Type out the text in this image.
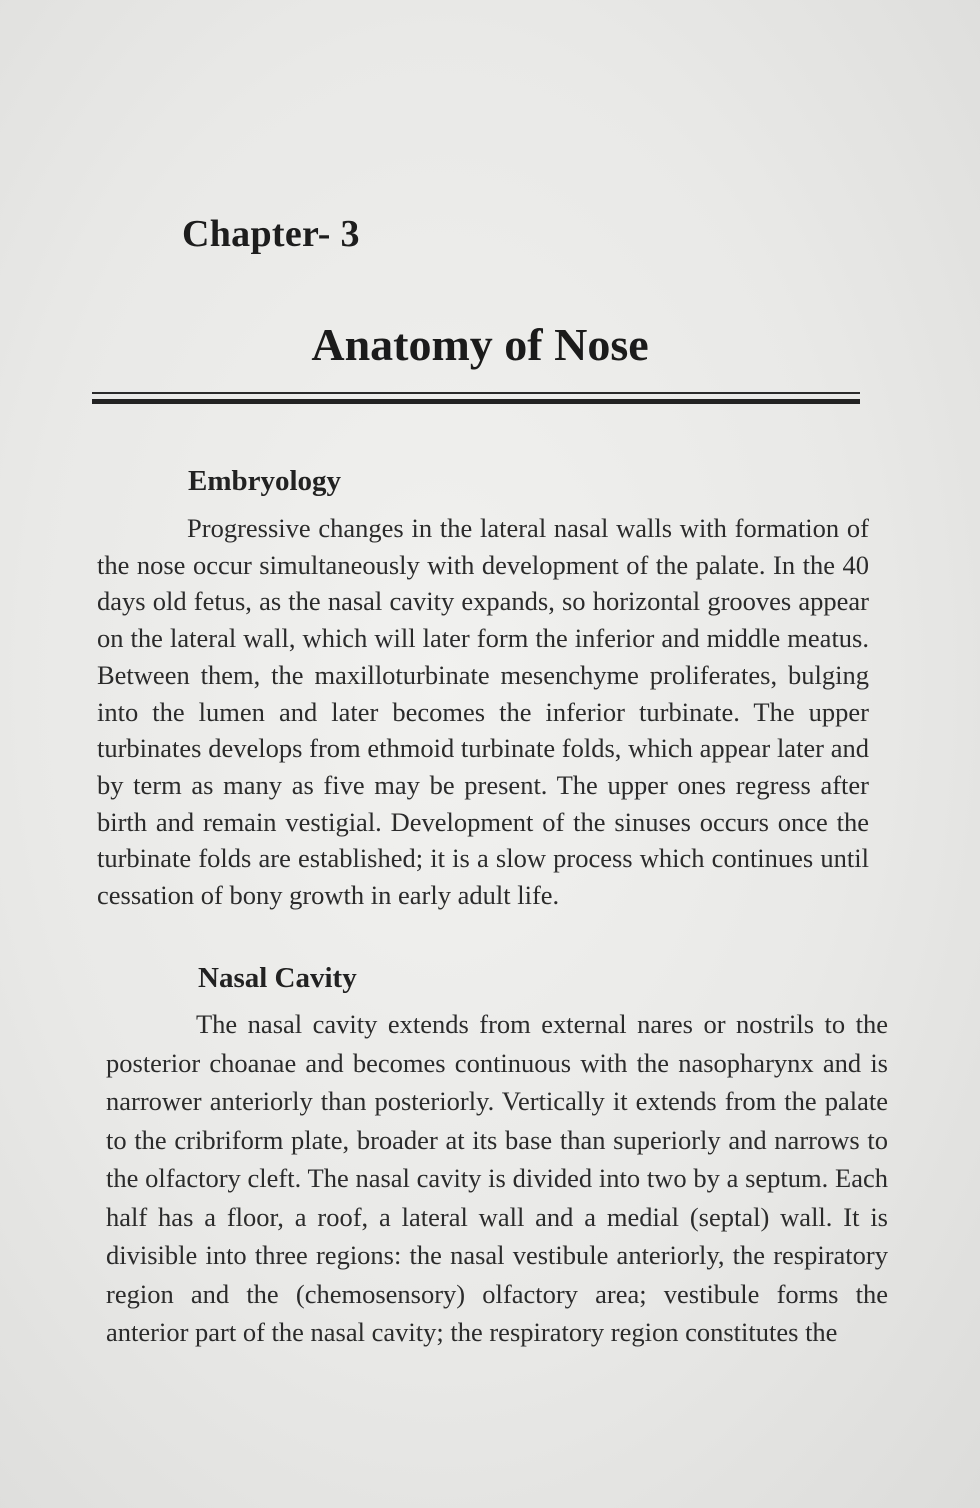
Chapter- 3
Anatomy of Nose
Embryology

Progressive changes in the lateral nasal walls with formation of the nose occur simultaneously with development of the palate. In the 40 days old fetus, as the nasal cavity expands, so horizontal grooves appear on the lateral wall, which will later form the inferior and middle meatus. Between them, the maxilloturbinate mesenchyme proliferates, bulging into the lumen and later becomes the inferior turbinate. The upper turbinates develops from ethmoid turbinate folds, which appear later and by term as many as five may be present. The upper ones regress after birth and remain vestigial. Development of the sinuses occurs once the turbinate folds are established; it is a slow process which continues until cessation of bony growth in early adult life.

Nasal Cavity

The nasal cavity extends from external nares or nostrils to the posterior choanae and becomes continuous with the nasopharynx and is narrower anteriorly than posteriorly. Vertically it extends from the palate to the cribriform plate, broader at its base than superiorly and narrows to the olfactory cleft. The nasal cavity is divided into two by a septum. Each half has a floor, a roof, a lateral wall and a medial (septal) wall. It is divisible into three regions: the nasal vestibule anteriorly, the respiratory region and the (chemosensory) olfactory area; vestibule forms the anterior part of the nasal cavity; the respiratory region constitutes the
